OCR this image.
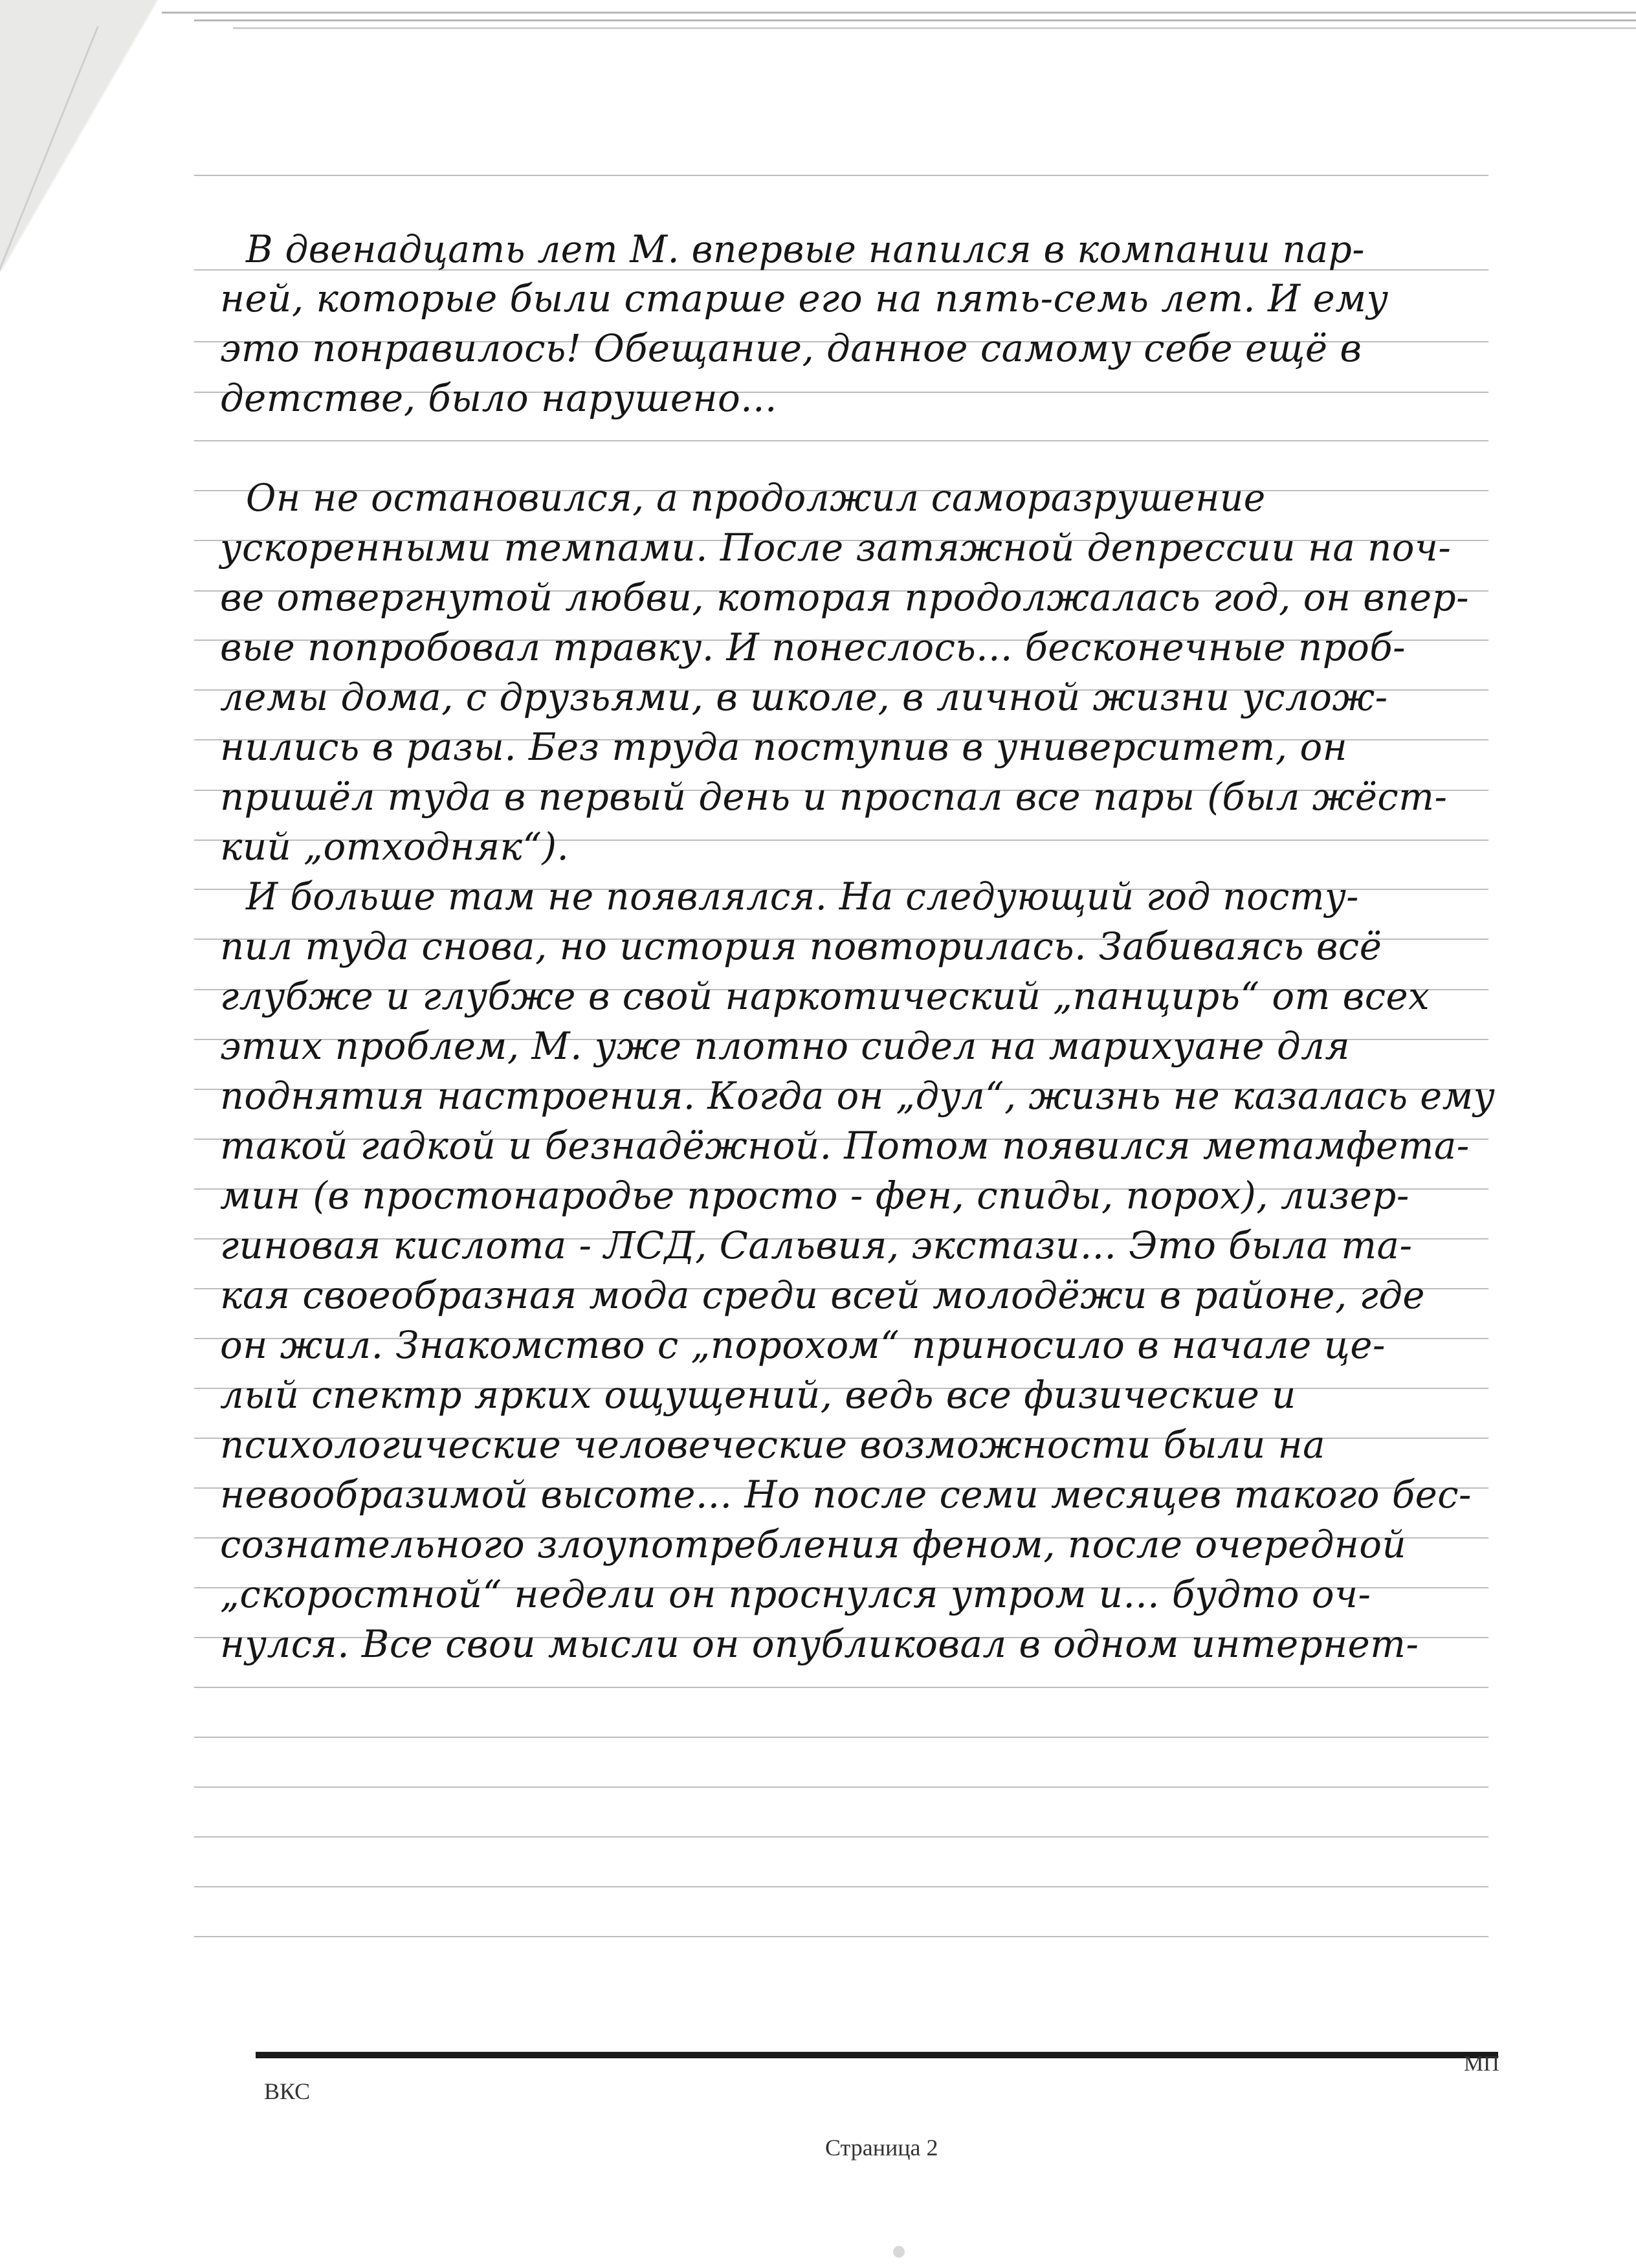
В двенадцать лет М. впервые напился в компании пар-
ней, которые были старше его на пять-семь лет. И ему
это понравилось! Обещание, данное самому себе ещё в
детстве, было нарушено...
Он не остановился, а продолжил саморазрушение
ускоренными темпами. После затяжной депрессии на поч-
ве отвергнутой любви, которая продолжалась год, он впер-
вые попробовал травку. И понеслось... бесконечные проб-
лемы дома, с друзьями, в школе, в личной жизни услож-
нились в разы. Без труда поступив в университет, он
пришёл туда в первый день и проспал все пары (был жёст-
кий „отходняк“).
И больше там не появлялся. На следующий год посту-
пил туда снова, но история повторилась. Забиваясь всё
глубже и глубже в свой наркотический „панцирь“ от всех
этих проблем, М. уже плотно сидел на марихуане для
поднятия настроения. Когда он „дул“, жизнь не казалась ему
такой гадкой и безнадёжной. Потом появился метамфета-
мин (в простонародье просто - фен, спиды, порох), лизер-
гиновая кислота - ЛСД, Сальвия, экстази... Это была та-
кая своеобразная мода среди всей молодёжи в районе, где
он жил. Знакомство с „порохом“ приносило в начале це-
лый спектр ярких ощущений, ведь все физические и
психологические человеческие возможности были на
невообразимой высоте... Но после семи месяцев такого бес-
сознательного злоупотребления феном, после очередной
„скоростной“ недели он проснулся утром и... будто оч-
нулся. Все свои мысли он опубликовал в одном интернет-
ВКС
МП
Страница 2
